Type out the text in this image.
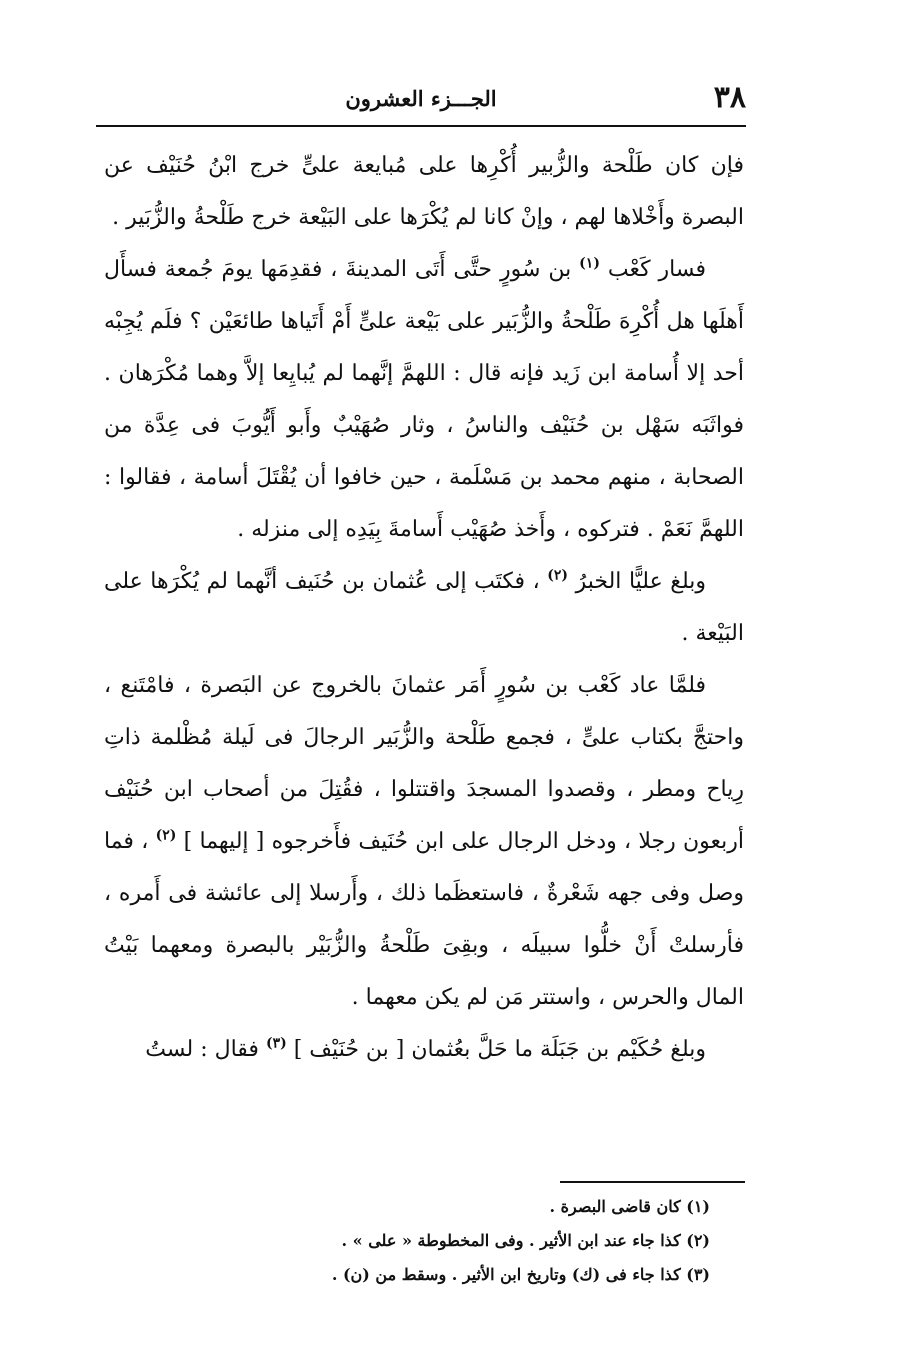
٣٨
الجـــزء العشرون

فإن كان طَلْحة والزُّبير أُكْرِها على مُبايعة علىٍّ خرج ابْنُ حُنَيْف عن البصرة وأَخْلاها لهم ، وإنْ كانا لم يُكْرَها على البَيْعة خرج طَلْحةُ والزُّبَير .

فسار كَعْب $^{(١)}$ بن سُورٍ حتَّى أَتَى المدينةَ ، فقدِمَها يومَ جُمعة فسأَل أَهلَها هل أُكْرِهَ طَلْحةُ والزُّبَير على بَيْعة علىٍّ أَمْ أَتَياها طائعَيْن ؟ فلَم يُجِبْه أحد إلا أُسامة ابن زَيد فإنه قال : اللهمَّ إنَّهما لم يُبايِعا إلاَّ وهما مُكْرَهان . فواثَبَه سَهْل بن حُنَيْف والناسُ ، وثار صُهَيْبٌ وأَبو أَيُّوبَ فى عِدَّة من الصحابة ، منهم محمد بن مَسْلَمة ، حين خافوا أن يُقْتَلَ أسامة ، فقالوا : اللهمَّ نَعَمْ . فتركوه ، وأَخذ صُهَيْب أَسامةَ بِيَدِه إلى منزله .

وبلغ عليًّا الخبرُ $^{(٢)}$ ، فكتَب إلى عُثمان بن حُنَيف أنَّهما لم يُكْرَها على البَيْعة .

فلمَّا عاد كَعْب بن سُورٍ أَمَر عثمانَ بالخروج عن البَصرة ، فامْتَنع ، واحتجَّ بكتاب علىٍّ ، فجمع طَلْحة والزُّبَير الرجالَ فى لَيلة مُظْلمة ذاتِ رِياح ومطر ، وقصدوا المسجدَ واقتتلوا ، فقُتِلَ من أصحاب ابن حُنَيْف أربعون رجلا ، ودخل الرجال على ابن حُنَيف فأَخرجوه [ إليهما ] $^{(٢)}$ ، فما وصل وفى جهه شَعْرةٌ ، فاستعظَما ذلك ، وأَرسلا إلى عائشة فى أَمره ، فأرسلتْ أَنْ خلُّوا سبيلَه ، وبقِىَ طَلْحةُ والزُّبَيْر بالبصرة ومعهما بَيْتُ المال والحرس ، واستتر مَن لم يكن معهما .

وبلغ حُكَيْم بن جَبَلَة ما حَلَّ بعُثمان [ بن حُنَيْف ] $^{(٣)}$ فقال : لستُ

(١) كان قاضى البصرة .
(٢) كذا جاء عند ابن الأثير . وفى المخطوطة « على » .
(٣) كذا جاء فى (ك) وتاريخ ابن الأثير . وسقط من (ن) .
